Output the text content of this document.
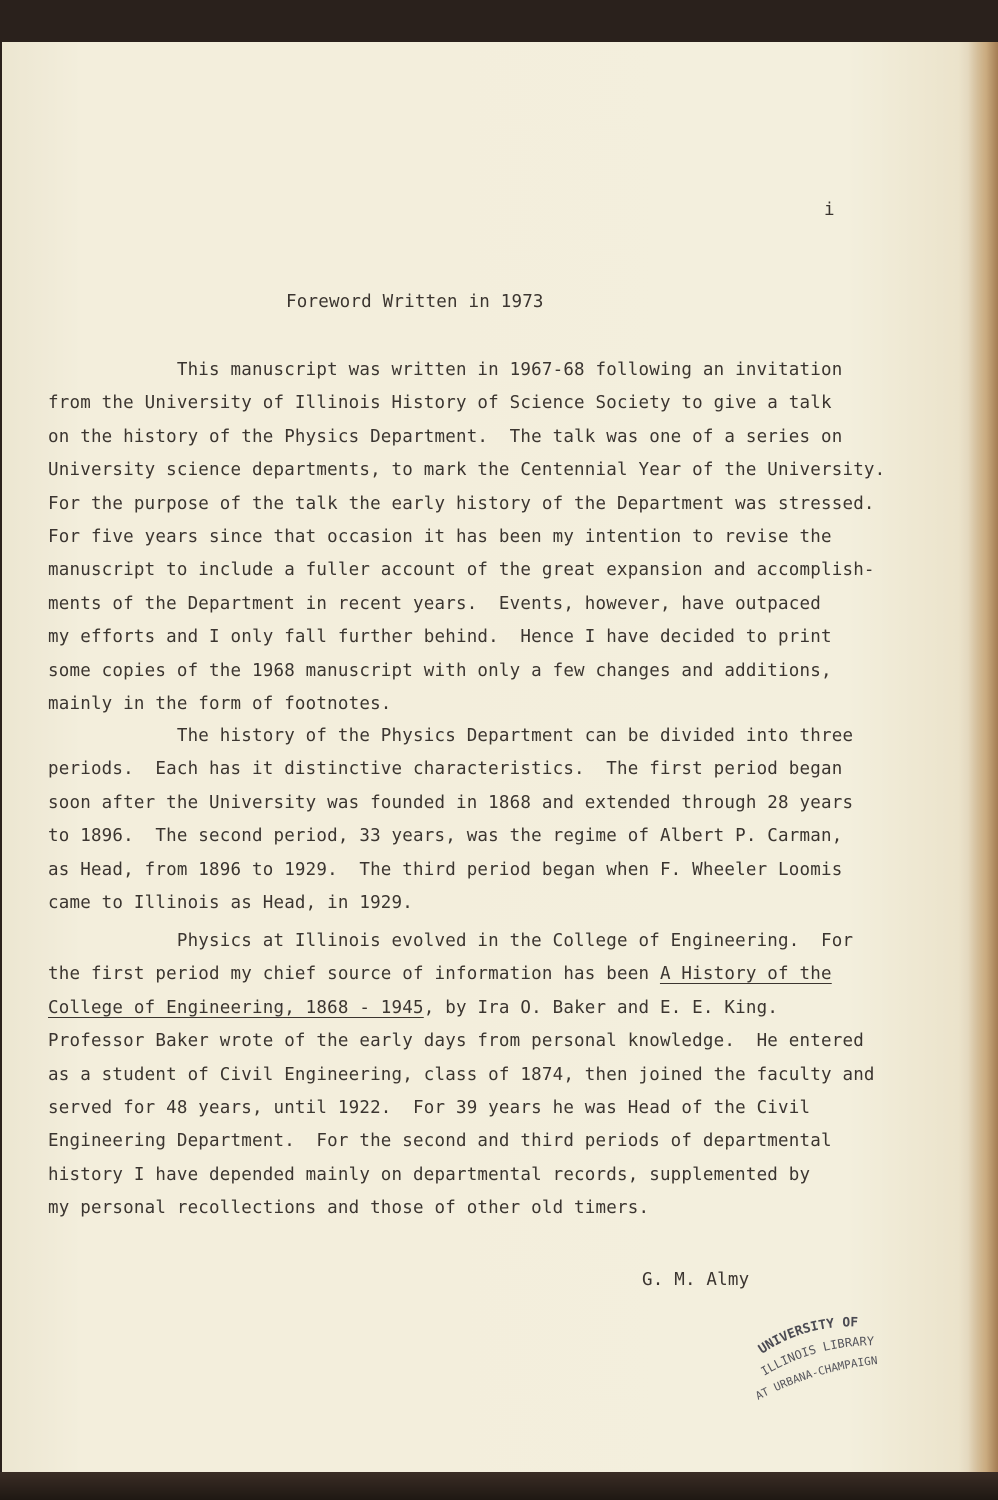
i
Foreword Written in 1973
This manuscript was written in 1967-68 following an invitation
from the University of Illinois History of Science Society to give a talk
on the history of the Physics Department.  The talk was one of a series on
University science departments, to mark the Centennial Year of the University.
For the purpose of the talk the early history of the Department was stressed.
For five years since that occasion it has been my intention to revise the
manuscript to include a fuller account of the great expansion and accomplish-
ments of the Department in recent years.  Events, however, have outpaced
my efforts and I only fall further behind.  Hence I have decided to print
some copies of the 1968 manuscript with only a few changes and additions,
mainly in the form of footnotes.
The history of the Physics Department can be divided into three
periods.  Each has it distinctive characteristics.  The first period began
soon after the University was founded in 1868 and extended through 28 years
to 1896.  The second period, 33 years, was the regime of Albert P. Carman,
as Head, from 1896 to 1929.  The third period began when F. Wheeler Loomis
came to Illinois as Head, in 1929.
Physics at Illinois evolved in the College of Engineering.  For
the first period my chief source of information has been A History of the
College of Engineering, 1868 - 1945, by Ira O. Baker and E. E. King.
Professor Baker wrote of the early days from personal knowledge.  He entered
as a student of Civil Engineering, class of 1874, then joined the faculty and
served for 48 years, until 1922.  For 39 years he was Head of the Civil
Engineering Department.  For the second and third periods of departmental
history I have depended mainly on departmental records, supplemented by
my personal recollections and those of other old timers.
G. M. Almy
UNIVERSITY OF
ILLINOIS LIBRARY
AT URBANA-CHAMPAIGN
